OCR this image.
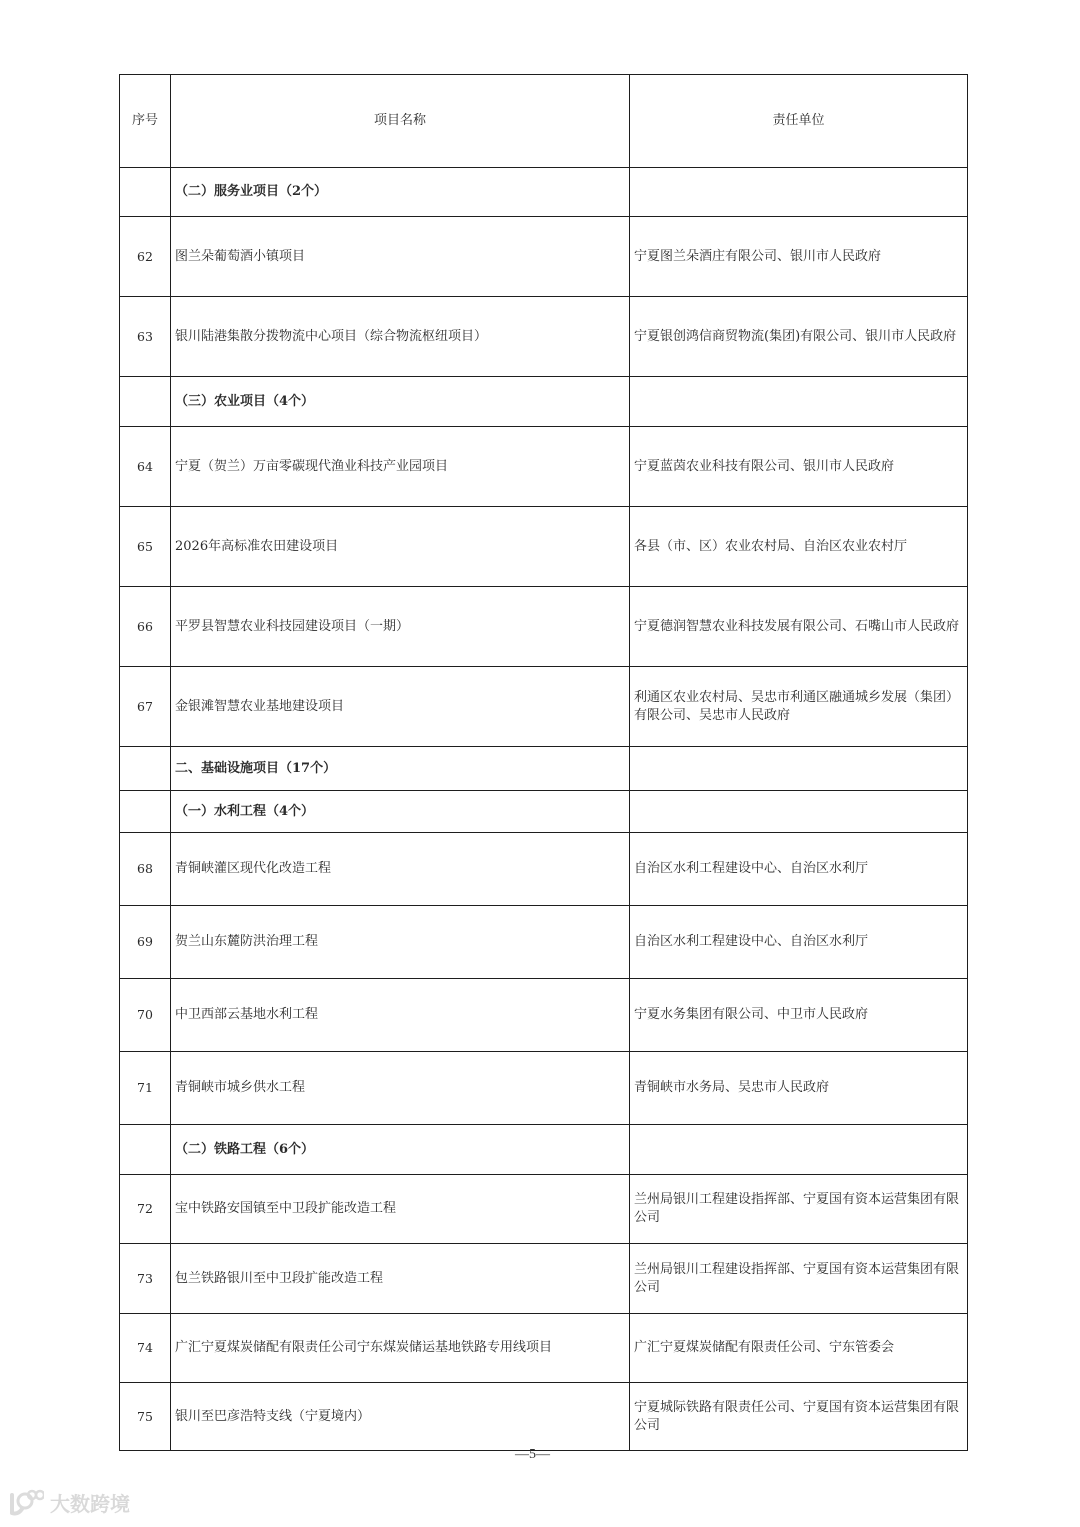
序号	项目名称	责任单位
	（二）服务业项目（2个）	
62	图兰朵葡萄酒小镇项目	宁夏图兰朵酒庄有限公司、银川市人民政府
63	银川陆港集散分拨物流中心项目（综合物流枢纽项目）	宁夏银创鸿信商贸物流(集团)有限公司、银川市人民政府
	（三）农业项目（4个）	
64	宁夏（贺兰）万亩零碳现代渔业科技产业园项目	宁夏蓝茵农业科技有限公司、银川市人民政府
65	2026年高标准农田建设项目	各县（市、区）农业农村局、自治区农业农村厅
66	平罗县智慧农业科技园建设项目（一期）	宁夏德润智慧农业科技发展有限公司、石嘴山市人民政府
67	金银滩智慧农业基地建设项目	利通区农业农村局、吴忠市利通区融通城乡发展（集团）有限公司、吴忠市人民政府
	二、基础设施项目（17个）	
	（一）水利工程（4个）	
68	青铜峡灌区现代化改造工程	自治区水利工程建设中心、自治区水利厅
69	贺兰山东麓防洪治理工程	自治区水利工程建设中心、自治区水利厅
70	中卫西部云基地水利工程	宁夏水务集团有限公司、中卫市人民政府
71	青铜峡市城乡供水工程	青铜峡市水务局、吴忠市人民政府
	（二）铁路工程（6个）	
72	宝中铁路安国镇至中卫段扩能改造工程	兰州局银川工程建设指挥部、宁夏国有资本运营集团有限公司
73	包兰铁路银川至中卫段扩能改造工程	兰州局银川工程建设指挥部、宁夏国有资本运营集团有限公司
74	广汇宁夏煤炭储配有限责任公司宁东煤炭储运基地铁路专用线项目	广汇宁夏煤炭储配有限责任公司、宁东管委会
75	银川至巴彦浩特支线（宁夏境内）	宁夏城际铁路有限责任公司、宁夏国有资本运营集团有限公司
—5—
大数跨境
